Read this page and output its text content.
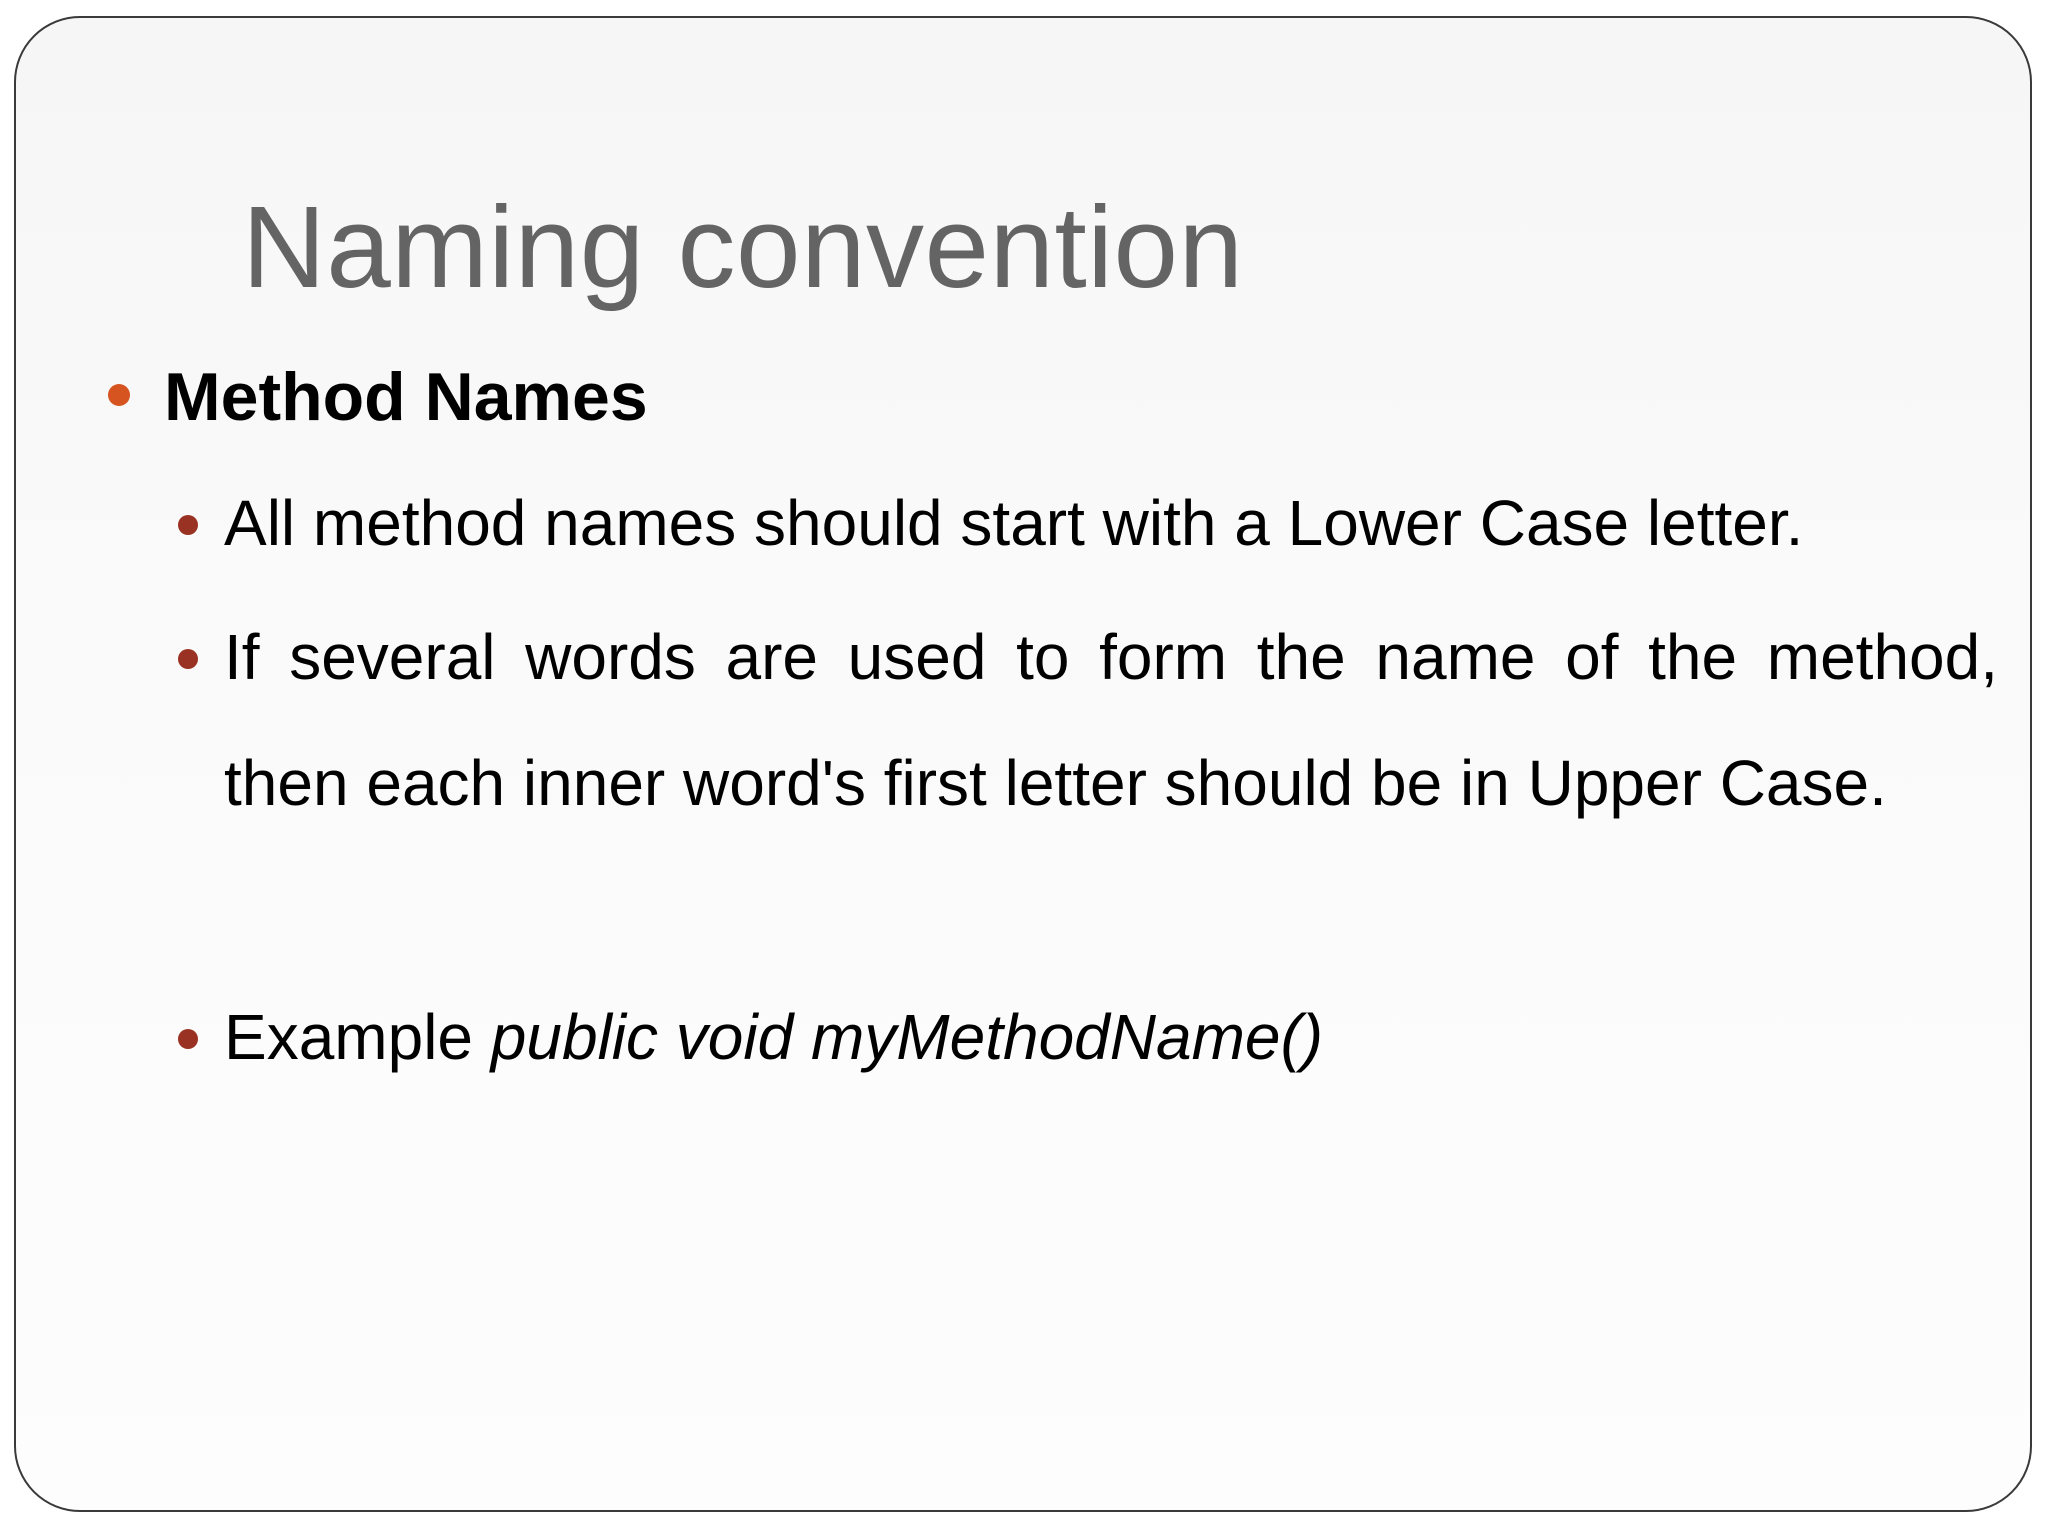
Naming convention
Method Names
All method names should start with a Lower Case letter.
If several words are used to form the name of the method, then each inner word's first letter should be in Upper Case.
Example public void myMethodName()
